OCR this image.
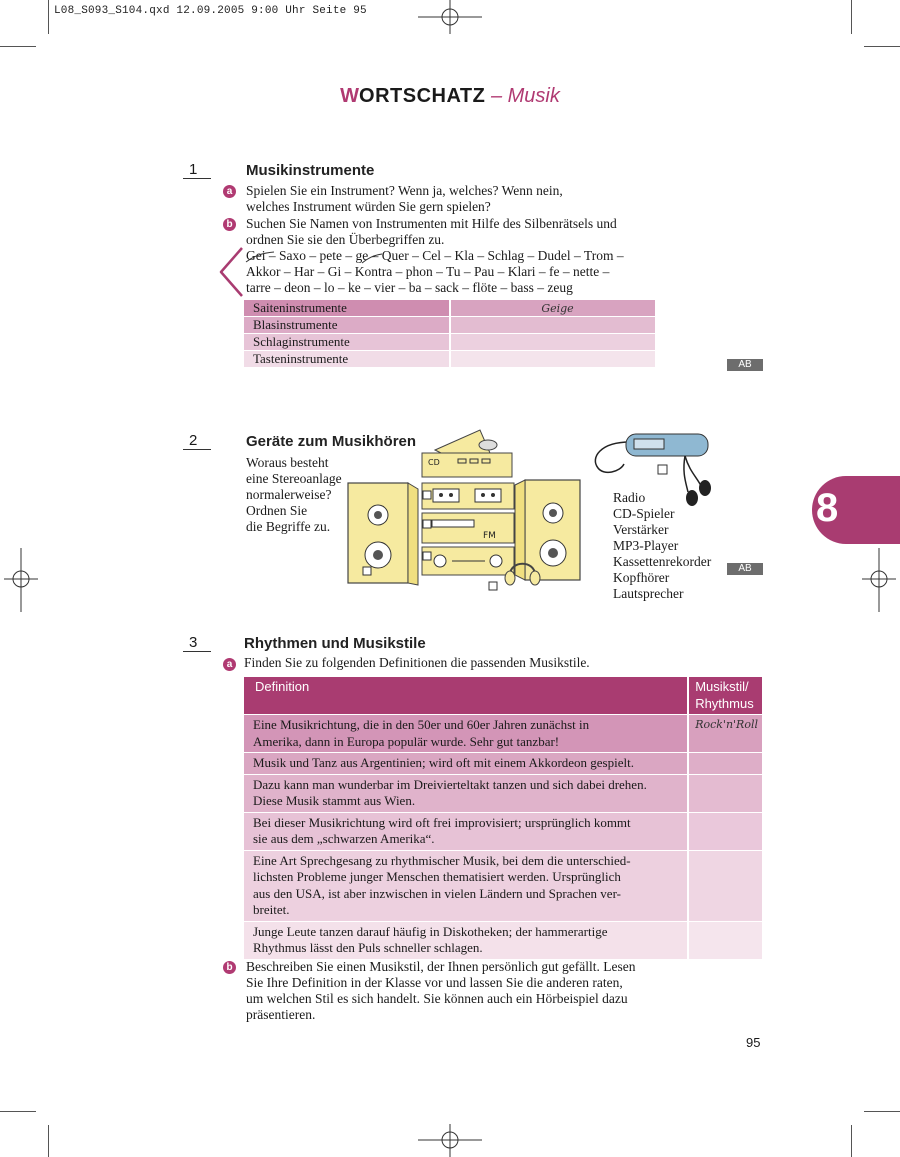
L08_S093_S104.qxd 12.09.2005 9:00 Uhr Seite 95
WORTSCHATZ – Musik
8
1	Musikinstrumente
a Spielen Sie ein Instrument? Wenn ja, welches? Wenn nein,
welches Instrument würden Sie gern spielen?
b Suchen Sie Namen von Instrumenten mit Hilfe des Silbenrätsels und
ordnen Sie sie den Überbegriffen zu.
Gei – Saxo – pete – ge – Quer – Cel – Kla – Schlag – Dudel – Trom –
Akkor – Har – Gi – Kontra – phon – Tu – Pau – Klari – fe – nette –
tarre – deon – lo – ke – vier – ba – sack – flöte – bass – zeug
Saiteninstrumente	Geige
Blasinstrumente	
Schlaginstrumente	
Tasteninstrumente		AB
2	Geräte zum Musikhören
Woraus besteht
eine Stereoanlage
normalerweise?
Ordnen Sie
die Begriffe zu.
CD
FM
Radio
CD-Spieler
Verstärker
MP3-Player
Kassettenrekorder
Kopfhörer
Lautsprecher
AB
3	Rhythmen und Musikstile
a Finden Sie zu folgenden Definitionen die passenden Musikstile.
Definition	Musikstil/
Rhythmus

Eine Musikrichtung, die in den 50er und 60er Jahren zunächst in
Amerika, dann in Europa populär wurde. Sehr gut tanzbar!	Rock'n'Roll

Musik und Tanz aus Argentinien; wird oft mit einem Akkordeon gespielt.	

Dazu kann man wunderbar im Dreivierteltakt tanzen und sich dabei drehen.
Diese Musik stammt aus Wien.	

Bei dieser Musikrichtung wird oft frei improvisiert; ursprünglich kommt
sie aus dem „schwarzen Amerika“.	

Eine Art Sprechgesang zu rhythmischer Musik, bei dem die unterschied-
lichsten Probleme junger Menschen thematisiert werden. Ursprünglich
aus den USA, ist aber inzwischen in vielen Ländern und Sprachen ver-
breitet.	

Junge Leute tanzen darauf häufig in Diskotheken; der hammerartige
Rhythmus lässt den Puls schneller schlagen.	

b Beschreiben Sie einen Musikstil, der Ihnen persönlich gut gefällt. Lesen
Sie Ihre Definition in der Klasse vor und lassen Sie die anderen raten,
um welchen Stil es sich handelt. Sie können auch ein Hörbeispiel dazu
präsentieren.
95
